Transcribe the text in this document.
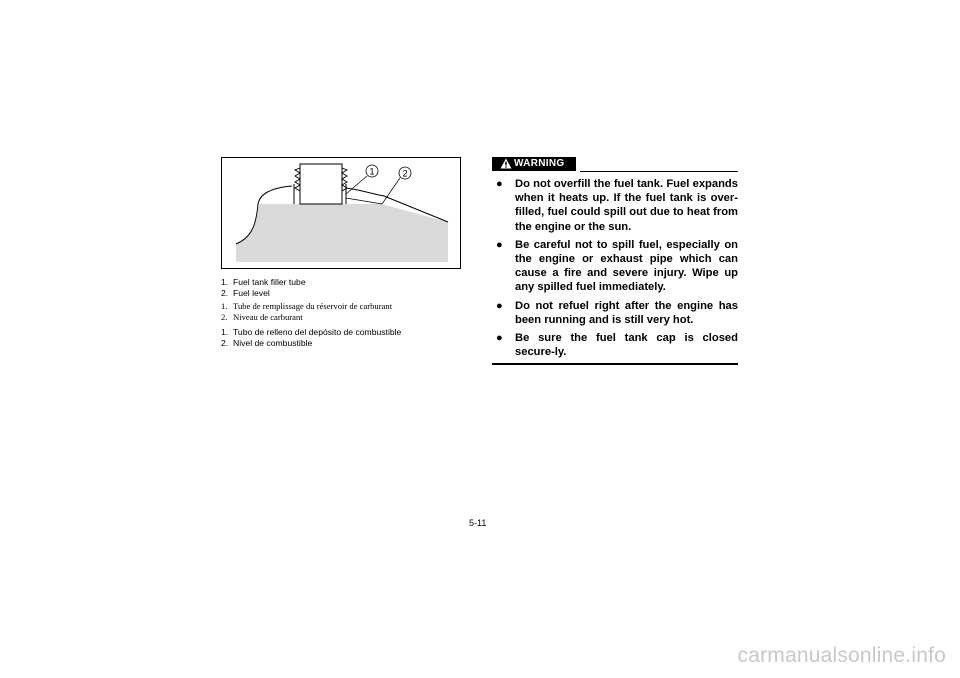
1	2
1. Fuel tank filler tube
2. Fuel level
1. Tube de remplissage du réservoir de carburant
2. Niveau de carburant
1. Tubo de relleno del depósito de combustible
2. Nivel de combustible
WARNING
● Do not overfill the fuel tank. Fuel expands when it heats up. If the fuel tank is over-filled, fuel could spill out due to heat from the engine or the sun.
● Be careful not to spill fuel, especially on the engine or exhaust pipe which can cause a fire and severe injury. Wipe up any spilled fuel immediately.
● Do not refuel right after the engine has been running and is still very hot.
● Be sure the fuel tank cap is closed secure-ly.
5-11
carmanualsonline.info
